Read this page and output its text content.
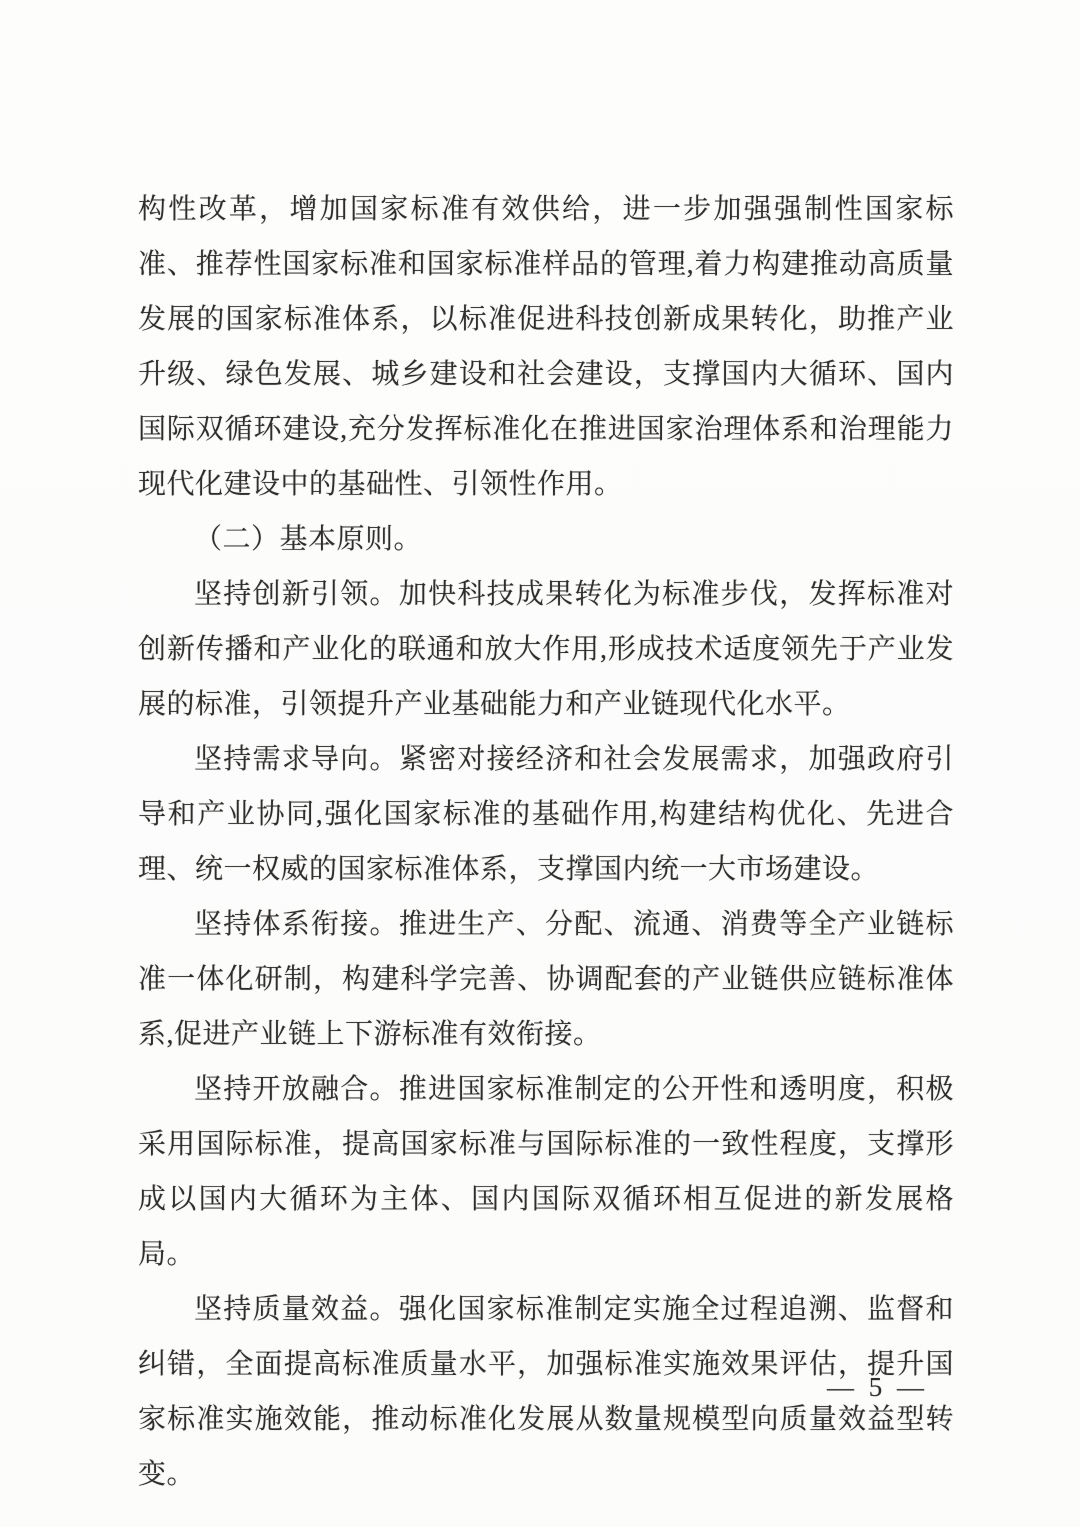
构性改革，增加国家标准有效供给，进一步加强强制性国家标准、推荐性国家标准和国家标准样品的管理,着力构建推动高质量发展的国家标准体系，以标准促进科技创新成果转化，助推产业升级、绿色发展、城乡建设和社会建设，支撑国内大循环、国内国际双循环建设,充分发挥标准化在推进国家治理体系和治理能力现代化建设中的基础性、引领性作用。

（二）基本原则。

坚持创新引领。加快科技成果转化为标准步伐，发挥标准对创新传播和产业化的联通和放大作用,形成技术适度领先于产业发展的标准，引领提升产业基础能力和产业链现代化水平。

坚持需求导向。紧密对接经济和社会发展需求，加强政府引导和产业协同,强化国家标准的基础作用,构建结构优化、先进合理、统一权威的国家标准体系，支撑国内统一大市场建设。

坚持体系衔接。推进生产、分配、流通、消费等全产业链标准一体化研制，构建科学完善、协调配套的产业链供应链标准体系,促进产业链上下游标准有效衔接。

坚持开放融合。推进国家标准制定的公开性和透明度，积极采用国际标准，提高国家标准与国际标准的一致性程度，支撑形成以国内大循环为主体、国内国际双循环相互促进的新发展格局。

坚持质量效益。强化国家标准制定实施全过程追溯、监督和纠错，全面提高标准质量水平，加强标准实施效果评估，提升国家标准实施效能，推动标准化发展从数量规模型向质量效益型转变。

— 5 —
